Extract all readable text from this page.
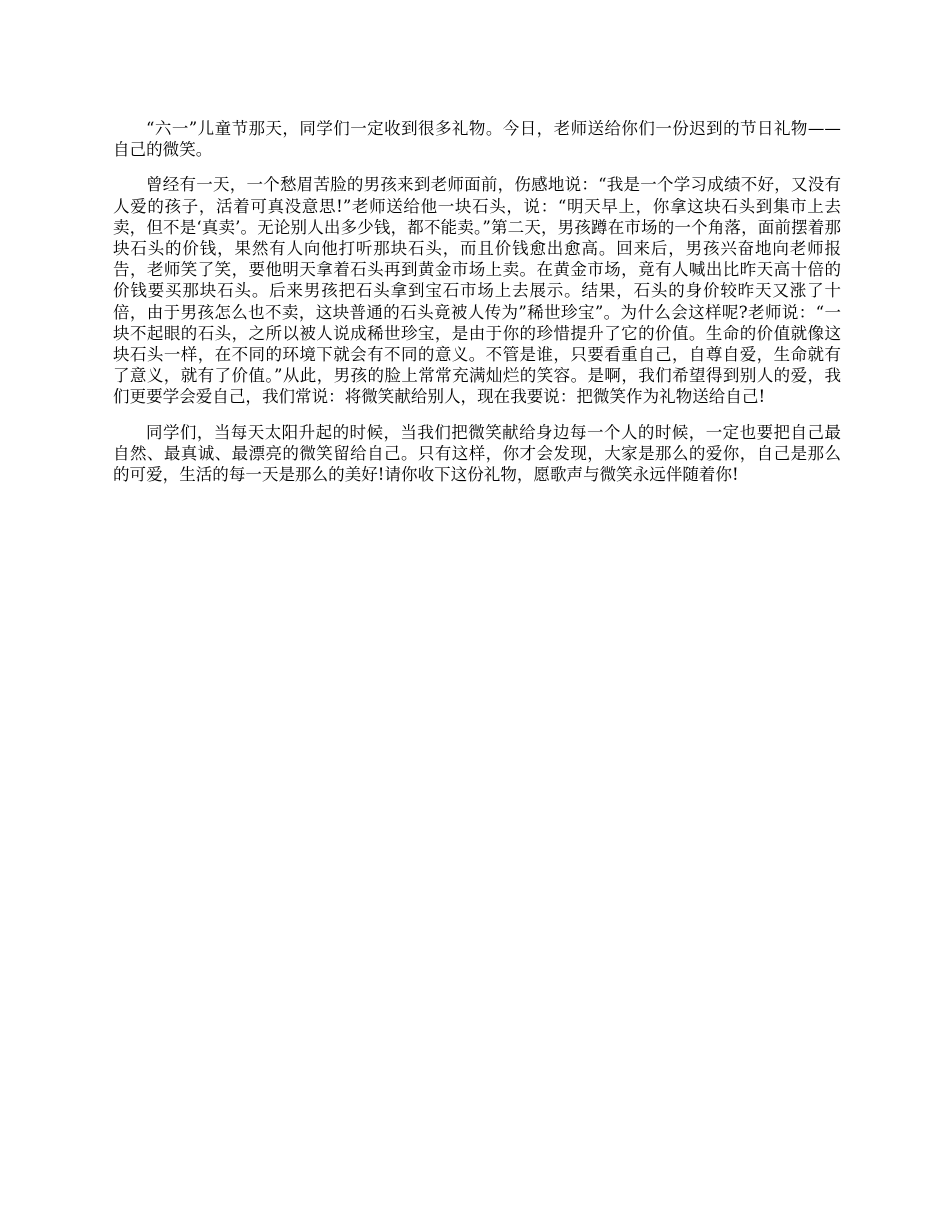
“六一”儿童节那天，同学们一定收到很多礼物。今日，老师送给你们一份迟到的节日礼物——自己的微笑。

曾经有一天，一个愁眉苦脸的男孩来到老师面前，伤感地说：“我是一个学习成绩不好，又没有人爱的孩子，活着可真没意思!”老师送给他一块石头，说：“明天早上，你拿这块石头到集市上去卖，但不是‘真卖’。无论别人出多少钱，都不能卖。”第二天，男孩蹲在市场的一个角落，面前摆着那块石头的价钱，果然有人向他打听那块石头，而且价钱愈出愈高。回来后，男孩兴奋地向老师报告，老师笑了笑，要他明天拿着石头再到黄金市场上卖。在黄金市场，竟有人喊出比昨天高十倍的价钱要买那块石头。后来男孩把石头拿到宝石市场上去展示。结果，石头的身价较昨天又涨了十倍，由于男孩怎么也不卖，这块普通的石头竟被人传为”稀世珍宝”。为什么会这样呢?老师说：“一块不起眼的石头，之所以被人说成稀世珍宝，是由于你的珍惜提升了它的价值。生命的价值就像这块石头一样，在不同的环境下就会有不同的意义。不管是谁，只要看重自己，自尊自爱，生命就有了意义，就有了价值。”从此，男孩的脸上常常充满灿烂的笑容。是啊，我们希望得到别人的爱，我们更要学会爱自己，我们常说：将微笑献给别人，现在我要说：把微笑作为礼物送给自己!

同学们，当每天太阳升起的时候，当我们把微笑献给身边每一个人的时候，一定也要把自己最自然、最真诚、最漂亮的微笑留给自己。只有这样，你才会发现，大家是那么的爱你，自己是那么的可爱，生活的每一天是那么的美好!请你收下这份礼物，愿歌声与微笑永远伴随着你!
